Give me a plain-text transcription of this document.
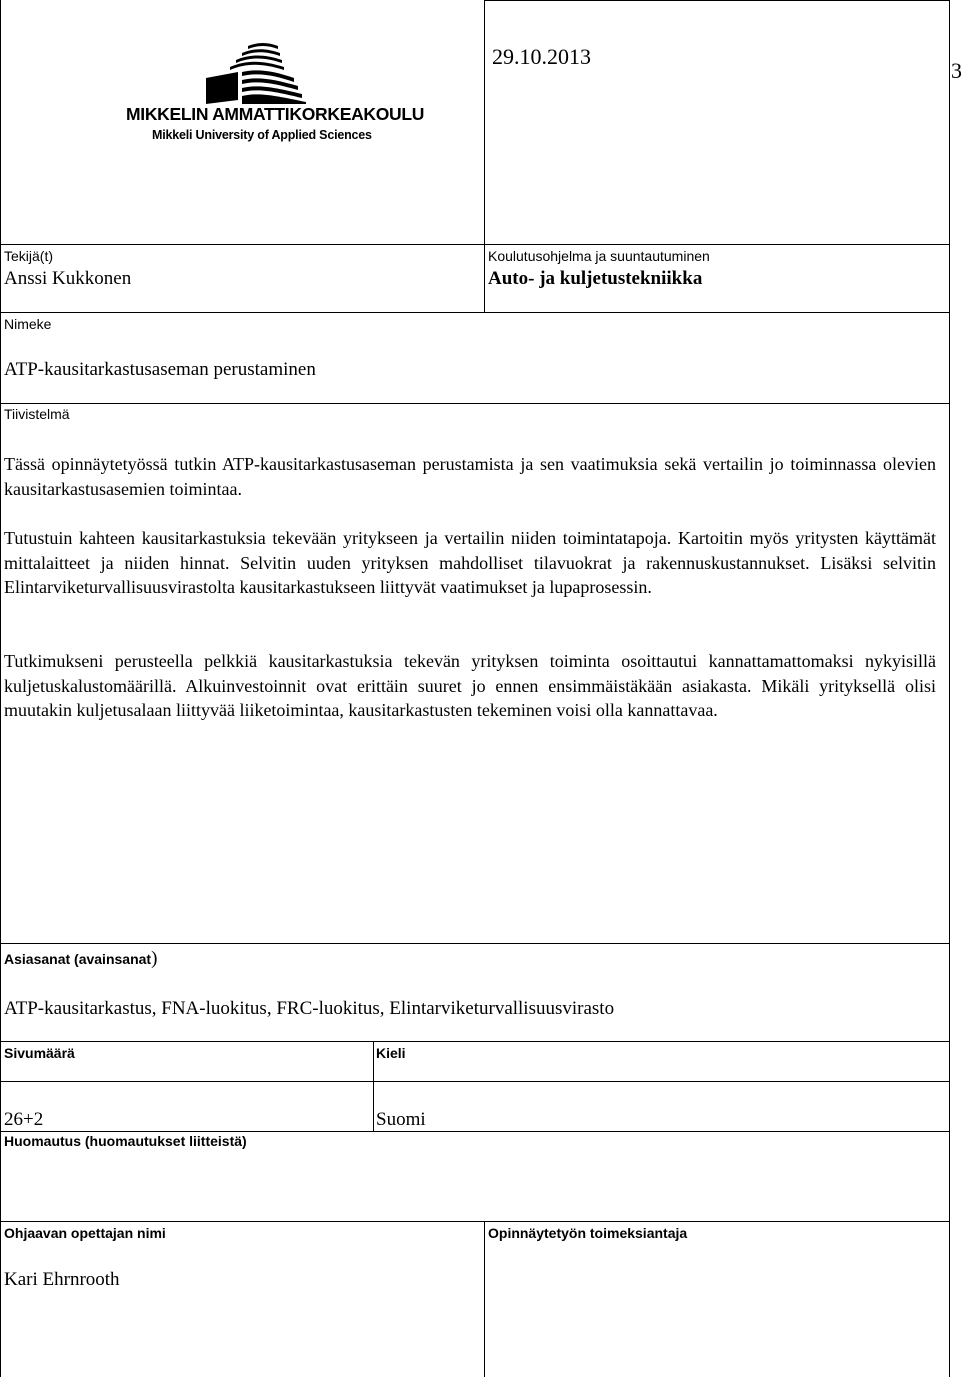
MIKKELIN AMMATTIKORKEAKOULU
Mikkeli University of Applied Sciences
29.10.2013
3
Tekijä(t)
Anssi Kukkonen
Koulutusohjelma ja suuntautuminen
Auto- ja kuljetustekniikka
Nimeke
ATP-kausitarkastusaseman perustaminen
Tiivistelmä
Tässä opinnäytetyössä tutkin ATP-kausitarkastusaseman perustamista ja sen vaatimuksia sekä vertailin jo toiminnassa olevien kausitarkastusasemien toimintaa.
Tutustuin kahteen kausitarkastuksia tekevään yritykseen ja vertailin niiden toimintatapoja. Kartoitin myös yritysten käyttämät mittalaitteet ja niiden hinnat. Selvitin uuden yrityksen mahdolliset tilavuokrat ja rakennuskustannukset. Lisäksi selvitin Elintarviketurvallisuusvirastolta kausitarkastukseen liittyvät vaatimukset ja lupaprosessin.
Tutkimukseni perusteella pelkkiä kausitarkastuksia tekevän yrityksen toiminta osoittautui kannattamattomaksi nykyisillä kuljetuskalustomäärillä. Alkuinvestoinnit ovat erittäin suuret jo ennen ensimmäistäkään asiakasta. Mikäli yrityksellä olisi muutakin kuljetusalaan liittyvää liiketoimintaa, kausitarkastusten tekeminen voisi olla kannattavaa.
Asiasanat (avainsanat)
ATP-kausitarkastus, FNA-luokitus, FRC-luokitus, Elintarviketurvallisuusvirasto
Sivumäärä
26+2
Kieli
Suomi
Huomautus (huomautukset liitteistä)
Ohjaavan opettajan nimi
Kari Ehrnrooth
Opinnäytetyön toimeksiantaja
